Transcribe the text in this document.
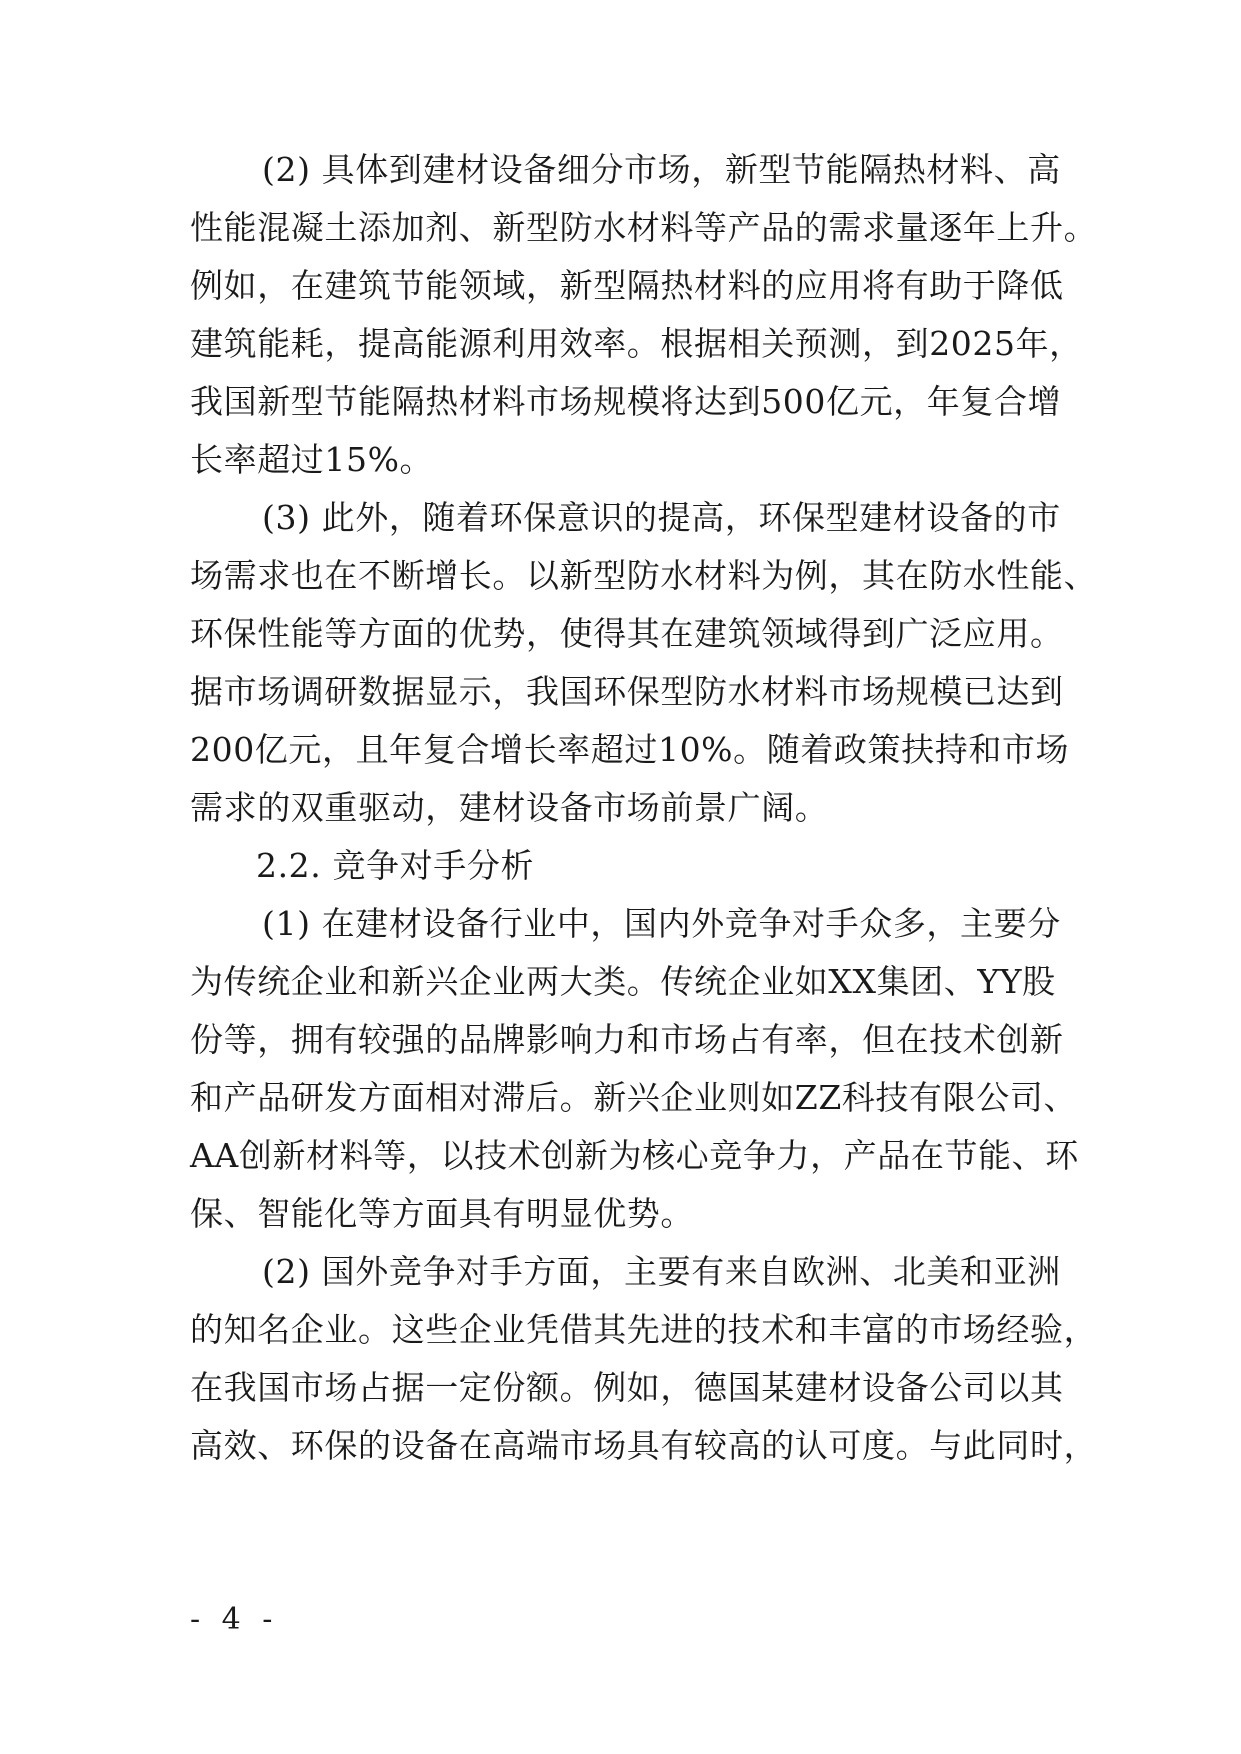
(2) 具体到建材设备细分市场，新型节能隔热材料、高
性能混凝土添加剂、新型防水材料等产品的需求量逐年上升。
例如，在建筑节能领域，新型隔热材料的应用将有助于降低
建筑能耗，提高能源利用效率。根据相关预测，到2025年，
我国新型节能隔热材料市场规模将达到500亿元，年复合增
长率超过15%。
(3) 此外，随着环保意识的提高，环保型建材设备的市
场需求也在不断增长。以新型防水材料为例，其在防水性能、
环保性能等方面的优势，使得其在建筑领域得到广泛应用。
据市场调研数据显示，我国环保型防水材料市场规模已达到
200亿元，且年复合增长率超过10%。随着政策扶持和市场
需求的双重驱动，建材设备市场前景广阔。
2.2. 竞争对手分析
(1) 在建材设备行业中，国内外竞争对手众多，主要分
为传统企业和新兴企业两大类。传统企业如XX集团、YY股
份等，拥有较强的品牌影响力和市场占有率，但在技术创新
和产品研发方面相对滞后。新兴企业则如ZZ科技有限公司、
AA创新材料等，以技术创新为核心竞争力，产品在节能、环
保、智能化等方面具有明显优势。
(2) 国外竞争对手方面，主要有来自欧洲、北美和亚洲
的知名企业。这些企业凭借其先进的技术和丰富的市场经验，
在我国市场占据一定份额。例如，德国某建材设备公司以其
高效、环保的设备在高端市场具有较高的认可度。与此同时，
- 4 -
